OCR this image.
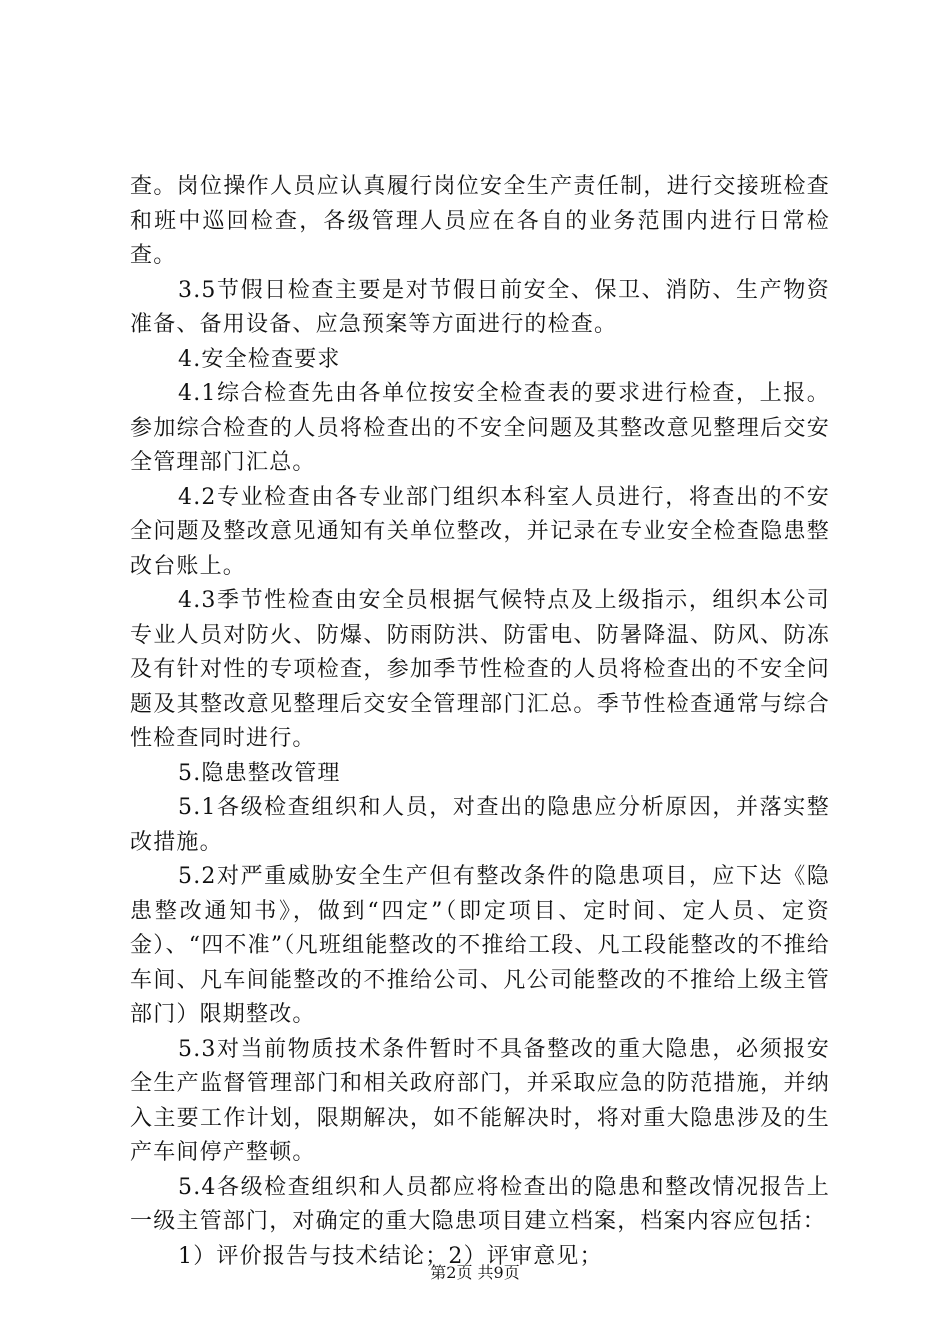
查。岗位操作人员应认真履行岗位安全生产责任制，进行交接班检查和班中巡回检查，各级管理人员应在各自的业务范围内进行日常检查。

3.5节假日检查主要是对节假日前安全、保卫、消防、生产物资准备、备用设备、应急预案等方面进行的检查。

4.安全检查要求

4.1综合检查先由各单位按安全检查表的要求进行检查，上报。参加综合检查的人员将检查出的不安全问题及其整改意见整理后交安全管理部门汇总。

4.2专业检查由各专业部门组织本科室人员进行，将查出的不安全问题及整改意见通知有关单位整改，并记录在专业安全检查隐患整改台账上。

4.3季节性检查由安全员根据气候特点及上级指示，组织本公司专业人员对防火、防爆、防雨防洪、防雷电、防暑降温、防风、防冻及有针对性的专项检查，参加季节性检查的人员将检查出的不安全问题及其整改意见整理后交安全管理部门汇总。季节性检查通常与综合性检查同时进行。

5.隐患整改管理

5.1各级检查组织和人员，对查出的隐患应分析原因，并落实整改措施。

5.2对严重威胁安全生产但有整改条件的隐患项目，应下达《隐患整改通知书》，做到“四定”（即定项目、定时间、定人员、定资金）、“四不准”（凡班组能整改的不推给工段、凡工段能整改的不推给车间、凡车间能整改的不推给公司、凡公司能整改的不推给上级主管部门）限期整改。

5.3对当前物质技术条件暂时不具备整改的重大隐患，必须报安全生产监督管理部门和相关政府部门，并采取应急的防范措施，并纳入主要工作计划，限期解决，如不能解决时，将对重大隐患涉及的生产车间停产整顿。

5.4各级检查组织和人员都应将检查出的隐患和整改情况报告上一级主管部门，对确定的重大隐患项目建立档案，档案内容应包括：

1）评价报告与技术结论；2）评审意见；

第2页 共9页
